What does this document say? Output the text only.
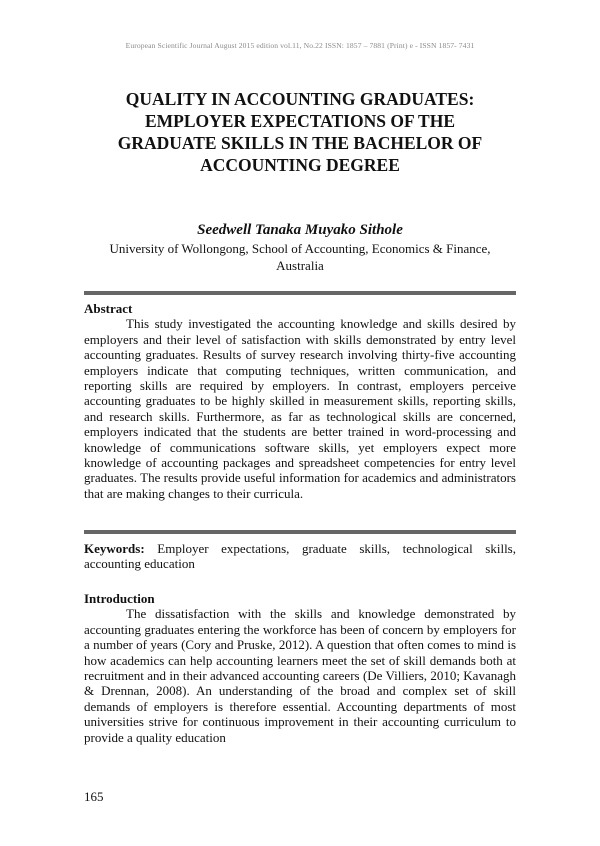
European Scientific Journal August 2015 edition vol.11, No.22 ISSN: 1857 – 7881 (Print) e - ISSN 1857- 7431
QUALITY IN ACCOUNTING GRADUATES:
EMPLOYER EXPECTATIONS OF THE
GRADUATE SKILLS IN THE BACHELOR OF
ACCOUNTING DEGREE
Seedwell Tanaka Muyako Sithole
University of Wollongong, School of Accounting, Economics & Finance,
Australia
Abstract

This study investigated the accounting knowledge and skills desired by employers and their level of satisfaction with skills demonstrated by entry level accounting graduates. Results of survey research involving thirty-five accounting employers indicate that computing techniques, written communication, and reporting skills are required by employers. In contrast, employers perceive accounting graduates to be highly skilled in measurement skills, reporting skills, and research skills. Furthermore, as far as technological skills are concerned, employers indicated that the students are better trained in word-processing and knowledge of communications software skills, yet employers expect more knowledge of accounting packages and spreadsheet competencies for entry level graduates. The results provide useful information for academics and administrators that are making changes to their curricula.

Keywords: Employer expectations, graduate skills, technological skills, accounting education

Introduction

The dissatisfaction with the skills and knowledge demonstrated by accounting graduates entering the workforce has been of concern by employers for a number of years (Cory and Pruske, 2012). A question that often comes to mind is how academics can help accounting learners meet the set of skill demands both at recruitment and in their advanced accounting careers (De Villiers, 2010; Kavanagh & Drennan, 2008). An understanding of the broad and complex set of skill demands of employers is therefore essential. Accounting departments of most universities strive for continuous improvement in their accounting curriculum to provide a quality education

165
